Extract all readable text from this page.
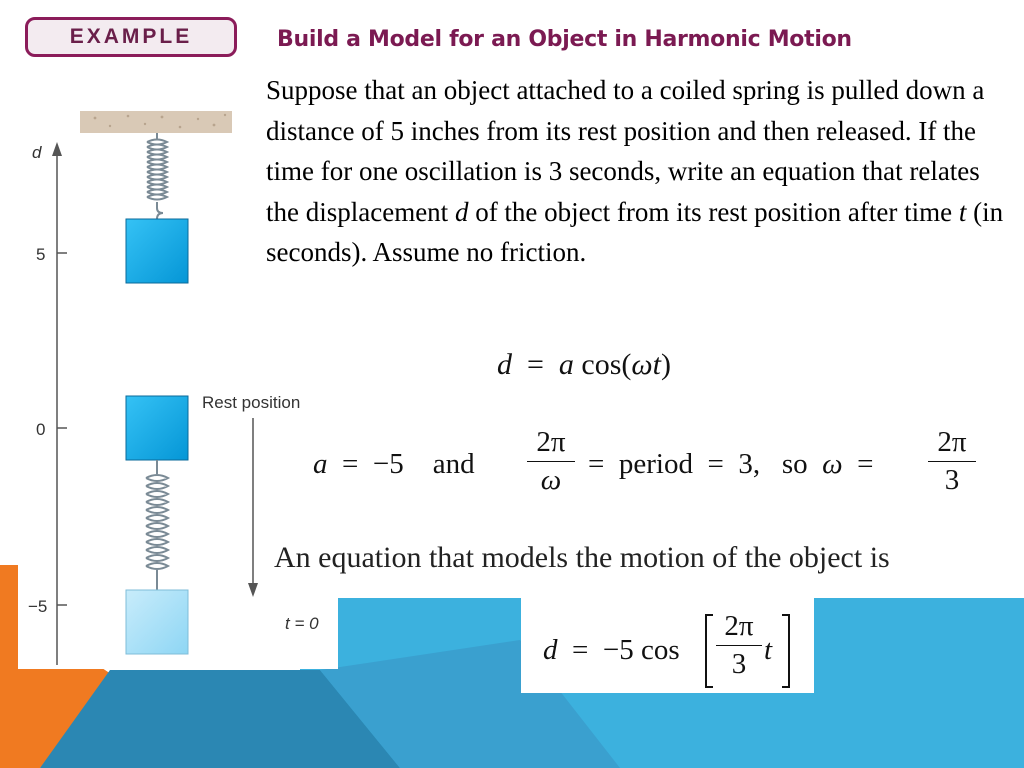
EXAMPLE	Build a Model for an Object in Harmonic Motion

Suppose that an object attached to a coiled spring is pulled down a distance of 5 inches from its rest position and then released. If the time for one oscillation is 3 seconds, write an equation that relates the displacement d of the object from its rest position after time t (in seconds). Assume no friction.

d
5
0
−5
Rest position
t = 0
d = a cos(ωt)
a = −5 and
2π
ω = period = 3, so ω =
2π
3
An equation that models the motion of the object is
d = −5 cos
2π
3 t
